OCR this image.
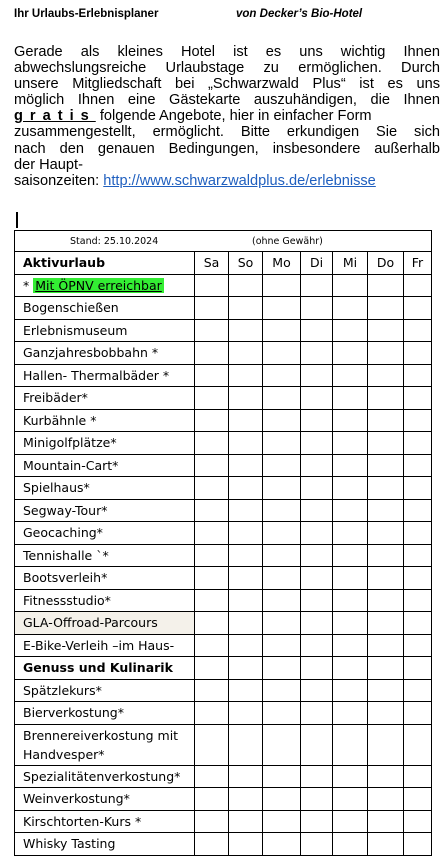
Ihr Urlaubs-Erlebnisplaner	von Decker’s Bio-Hotel
Gerade als kleines Hotel ist es uns wichtig Ihnen
abwechslungsreiche Urlaubstage zu ermöglichen. Durch
unsere Mitgliedschaft bei „Schwarzwald Plus“ ist es uns
möglich Ihnen eine Gästekarte auszuhändigen, die Ihnen
gratis folgende Angebote, hier in einfacher Form
zusammengestellt, ermöglicht. Bitte erkundigen Sie sich
nach den genauen Bedingungen, insbesondere außerhalb
der Haupt-
saisonzeiten: http://www.schwarzwaldplus.de/erlebnisse
Stand: 25.10.2024 (ohne Gewähr)							

Aktivurlaub	Sa	So	Mo	Di	Mi	Do	Fr
* Mit ÖPNV erreichbar							
Bogenschießen							
Erlebnismuseum							
Ganzjahresbobbahn *							
Hallen- Thermalbäder *							
Freibäder*							
Kurbähnle *							
Minigolfplätze*							
Mountain-Cart*							
Spielhaus*							
Segway-Tour*							
Geocaching*							
Tennishalle `*							
Bootsverleih*							
Fitnessstudio*							
GLA-Offroad-Parcours							
E-Bike-Verleih –im Haus-							
Genuss und Kulinarik							
Spätzlekurs*							
Bierverkostung*							
Brennereiverkostung mit Handvesper*							
Spezialitätenverkostung*							
Weinverkostung*							
Kirschtorten-Kurs *							
Whisky Tasting							
